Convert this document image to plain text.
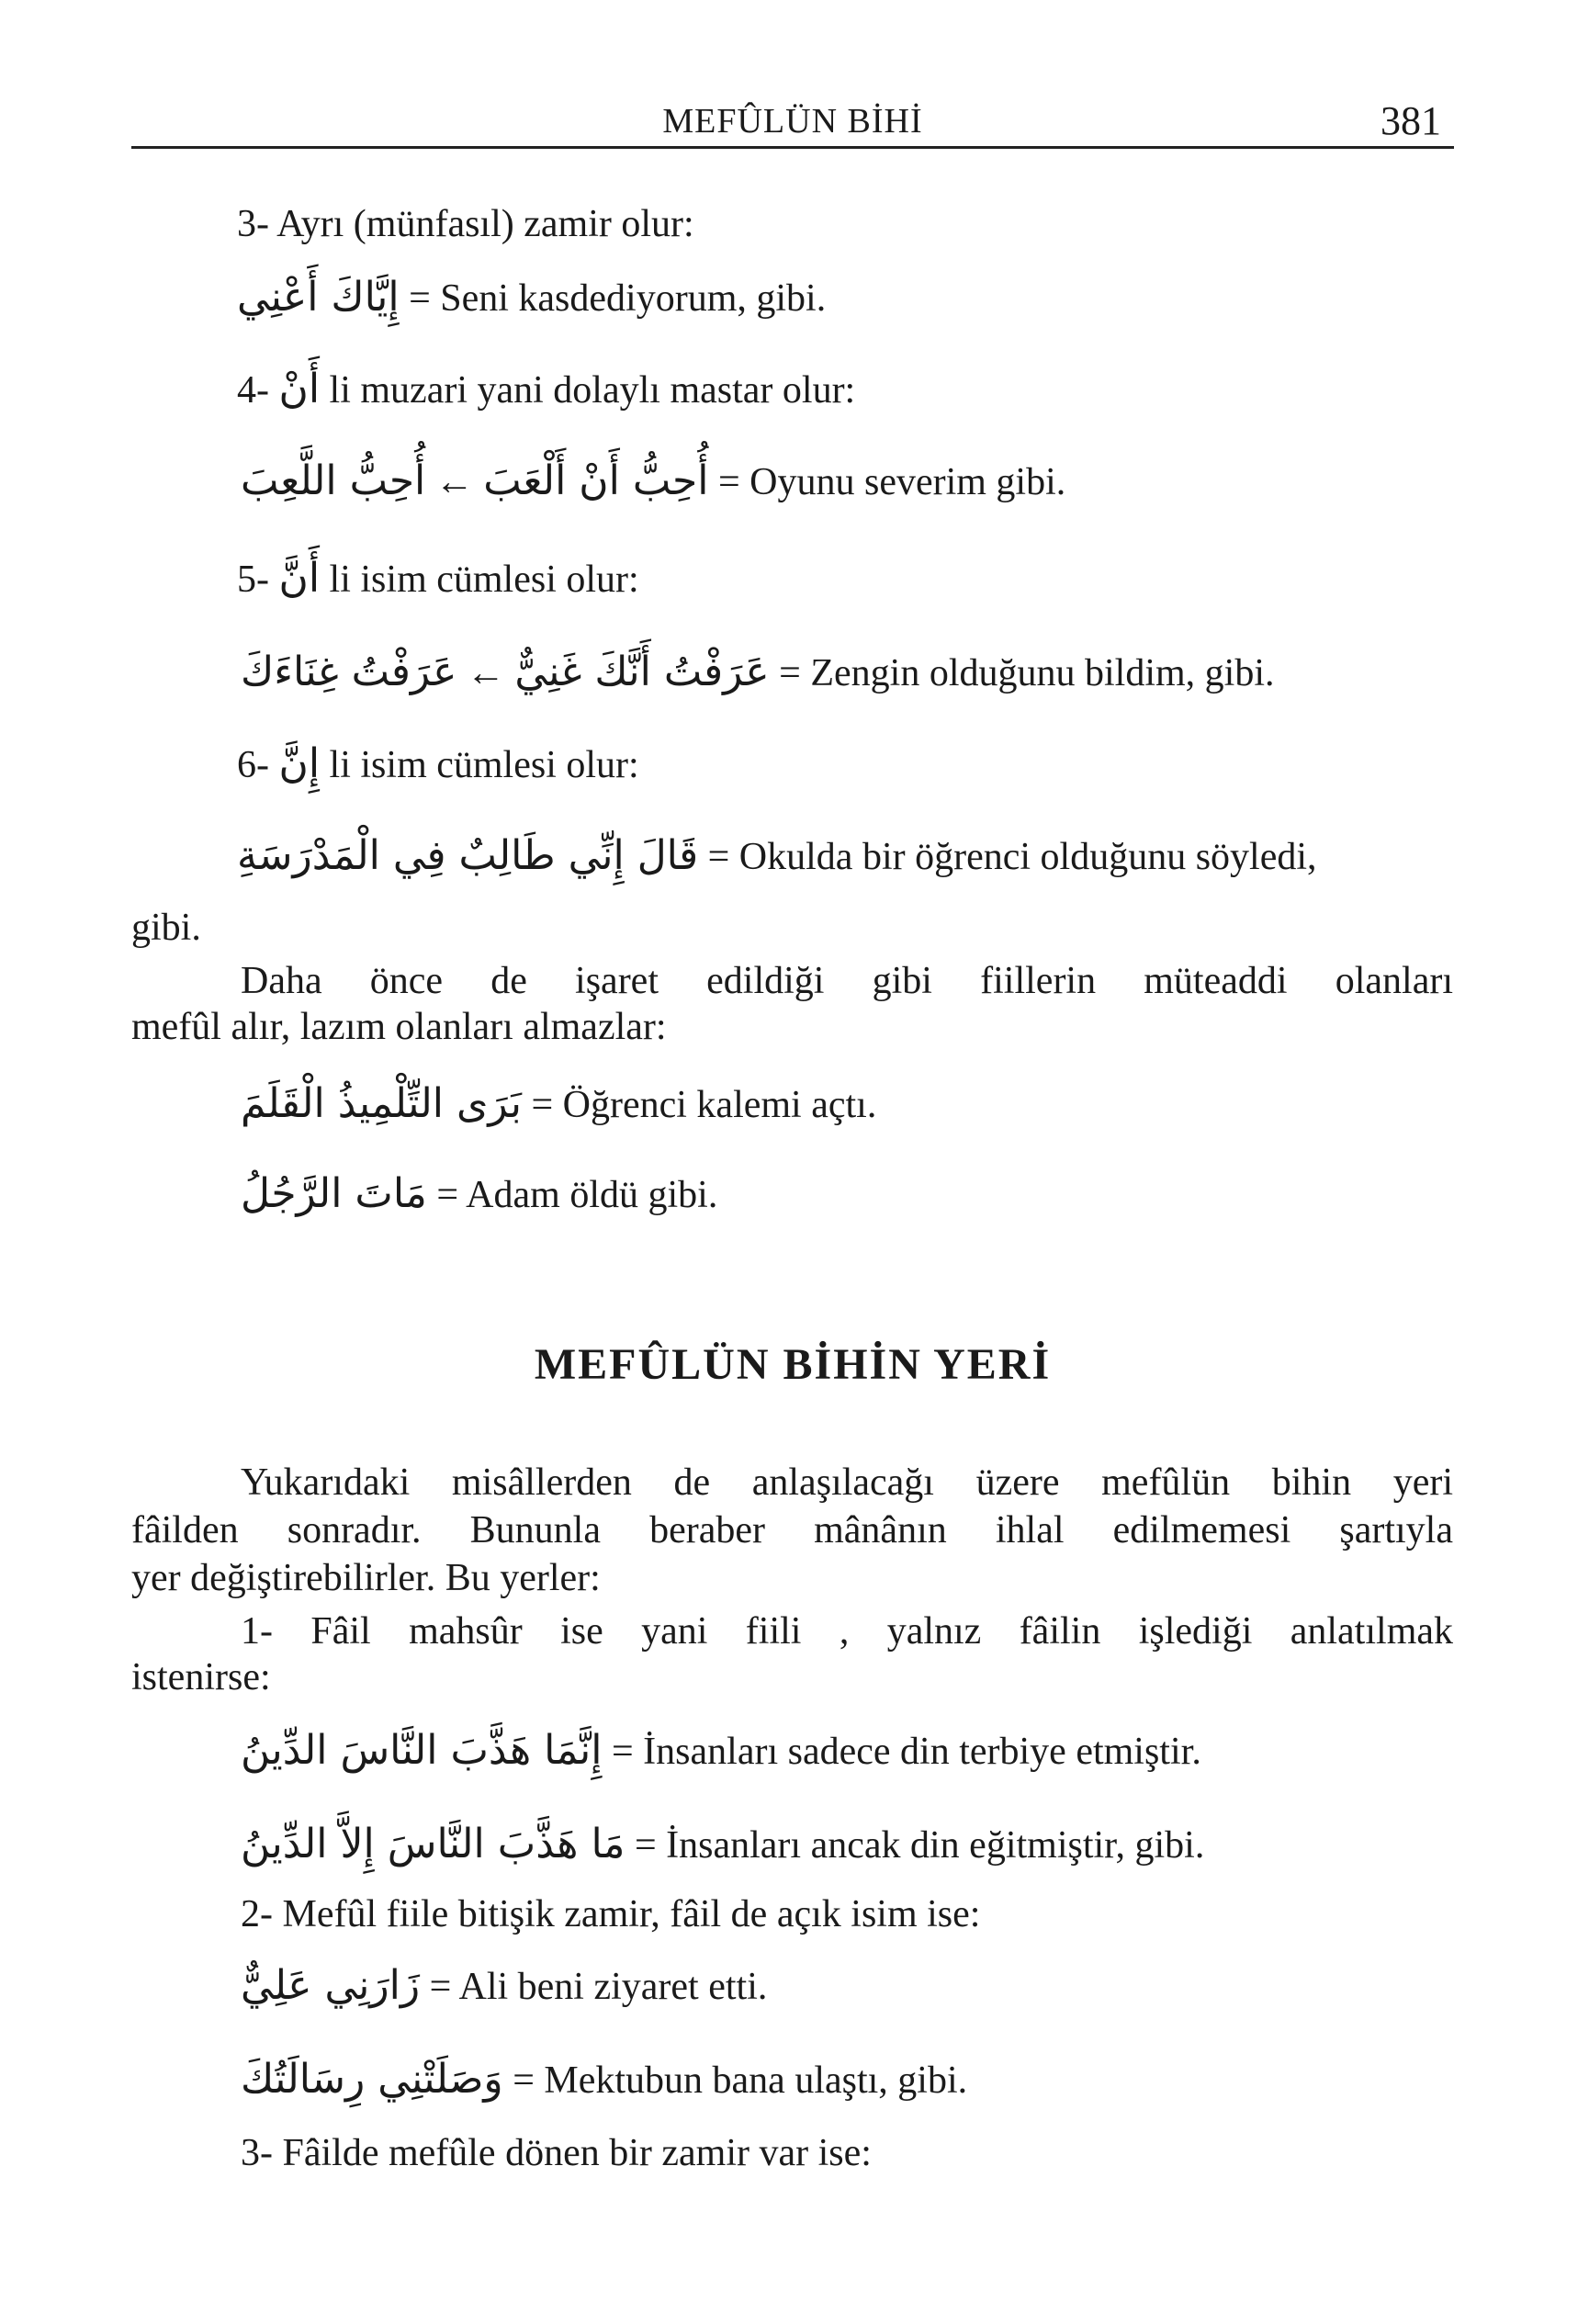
MEFÛLÜN BİHİ	381
3- Ayrı (münfasıl) zamir olur:
إِيَّاكَ أَعْنِي = Seni kasdediyorum, gibi.
4- أَنْ li muzari yani dolaylı mastar olur:
أُحِبُّ اللَّعِبَ ← أُحِبُّ أَنْ أَلْعَبَ = Oyunu severim gibi.
5- أَنَّ li isim cümlesi olur:
عَرَفْتُ غِنَاءَكَ ← عَرَفْتُ أَنَّكَ غَنِيٌّ = Zengin olduğunu bildim, gibi.
6- إِنَّ li isim cümlesi olur:
قَالَ إِنِّي طَالِبٌ فِي الْمَدْرَسَةِ = Okulda bir öğrenci olduğunu söyledi,
gibi.
Daha önce de işaret edildiği gibi fiillerin müteaddi olanları
mefûl alır, lazım olanları almazlar:
بَرَى التِّلْمِيذُ الْقَلَمَ = Öğrenci kalemi açtı.
مَاتَ الرَّجُلُ = Adam öldü gibi.
MEFÛLÜN BİHİN YERİ
Yukarıdaki misâllerden de anlaşılacağı üzere mefûlün bihin yeri
fâilden sonradır. Bununla beraber mânânın ihlal edilmemesi şartıyla
yer değiştirebilirler. Bu yerler:
1- Fâil mahsûr ise yani fiili , yalnız fâilin işlediği anlatılmak
istenirse:
إِنَّمَا هَذَّبَ النَّاسَ الدِّينُ = İnsanları sadece din terbiye etmiştir.
مَا هَذَّبَ النَّاسَ إِلاَّ الدِّينُ = İnsanları ancak din eğitmiştir, gibi.
2- Mefûl fiile bitişik zamir, fâil de açık isim ise:
زَارَنِي عَلِيٌّ = Ali beni ziyaret etti.
وَصَلَتْنِي رِسَالَتُكَ = Mektubun bana ulaştı, gibi.
3- Fâilde mefûle dönen bir zamir var ise:
